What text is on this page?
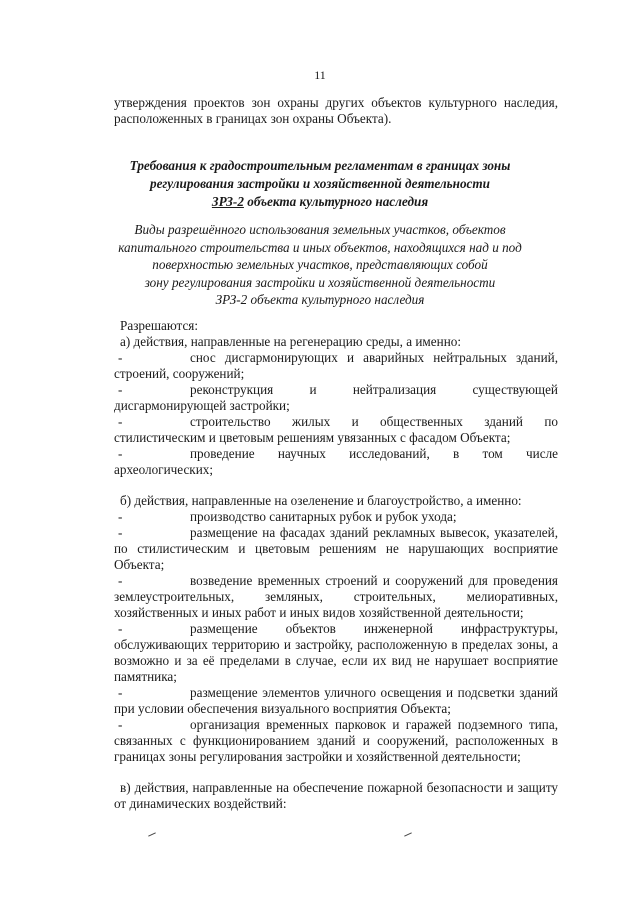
11

утверждения проектов зон охраны других объектов культурного наследия,

расположенных в границах зон охраны Объекта).

Требования к градостроительным регламентам в границах зоны
регулирования застройки и хозяйственной деятельности
ЗРЗ-2 объекта культурного наследия
Виды разрешённого использования земельных участков, объектов
капитального строительства и иных объектов, находящихся над и под
поверхностью земельных участков, представляющих собой
зону регулирования застройки и хозяйственной деятельности
ЗРЗ-2 объекта культурного наследия

Разрешаются:

а) действия, направленные на регенерацию среды, а именно:

-	снос дисгармонирующих и аварийных нейтральных зданий, строений, сооружений;

-	реконструкция и нейтрализация существующей дисгармонирующей застройки;

-	строительство жилых и общественных зданий по стилистическим и цветовым решениям увязанных с фасадом Объекта;

-	проведение научных исследований, в том числе археологических;

б) действия, направленные на озеленение и благоустройство, а именно:

-	производство санитарных рубок и рубок ухода;

-	размещение на фасадах зданий рекламных вывесок, указателей, по стилистическим и цветовым решениям не нарушающих восприятие Объекта;

-	возведение временных строений и сооружений для проведения землеустроительных, земляных, строительных, мелиоративных, хозяйственных и иных работ и иных видов хозяйственной деятельности;

-	размещение объектов инженерной инфраструктуры, обслуживающих территорию и застройку, расположенную в пределах зоны, а возможно и за её пределами в случае, если их вид не нарушает восприятие памятника;

-	размещение элементов уличного освещения и подсветки зданий при условии обеспечения визуального восприятия Объекта;

-	организация временных парковок и гаражей подземного типа, связанных с функционированием зданий и сооружений, расположенных в границах зоны регулирования застройки и хозяйственной деятельности;

в) действия, направленные на обеспечение пожарной безопасности и защиту от динамических воздействий:
